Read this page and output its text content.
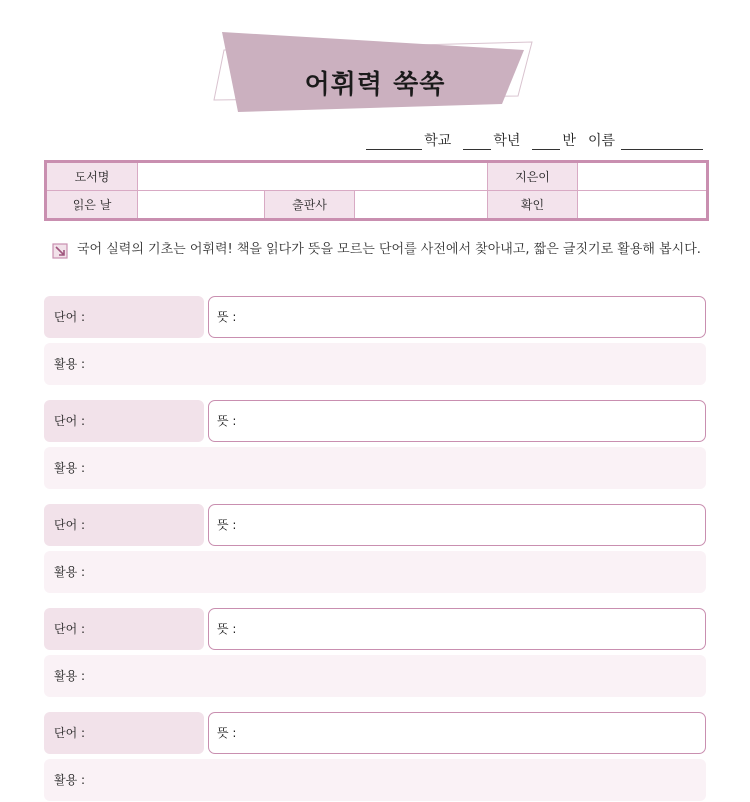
어휘력 쑥쑥
학교	학년	반 이름
도서명				지은이	
읽은 날		출판사		확인	
국어 실력의 기초는 어휘력! 책을 읽다가 뜻을 모르는 단어를 사전에서 찾아내고, 짧은 글짓기로 활용해 봅시다.
단어 :	뜻 :
활용 :
단어 :	뜻 :
활용 :
단어 :	뜻 :
활용 :
단어 :	뜻 :
활용 :
단어 :	뜻 :
활용 :
